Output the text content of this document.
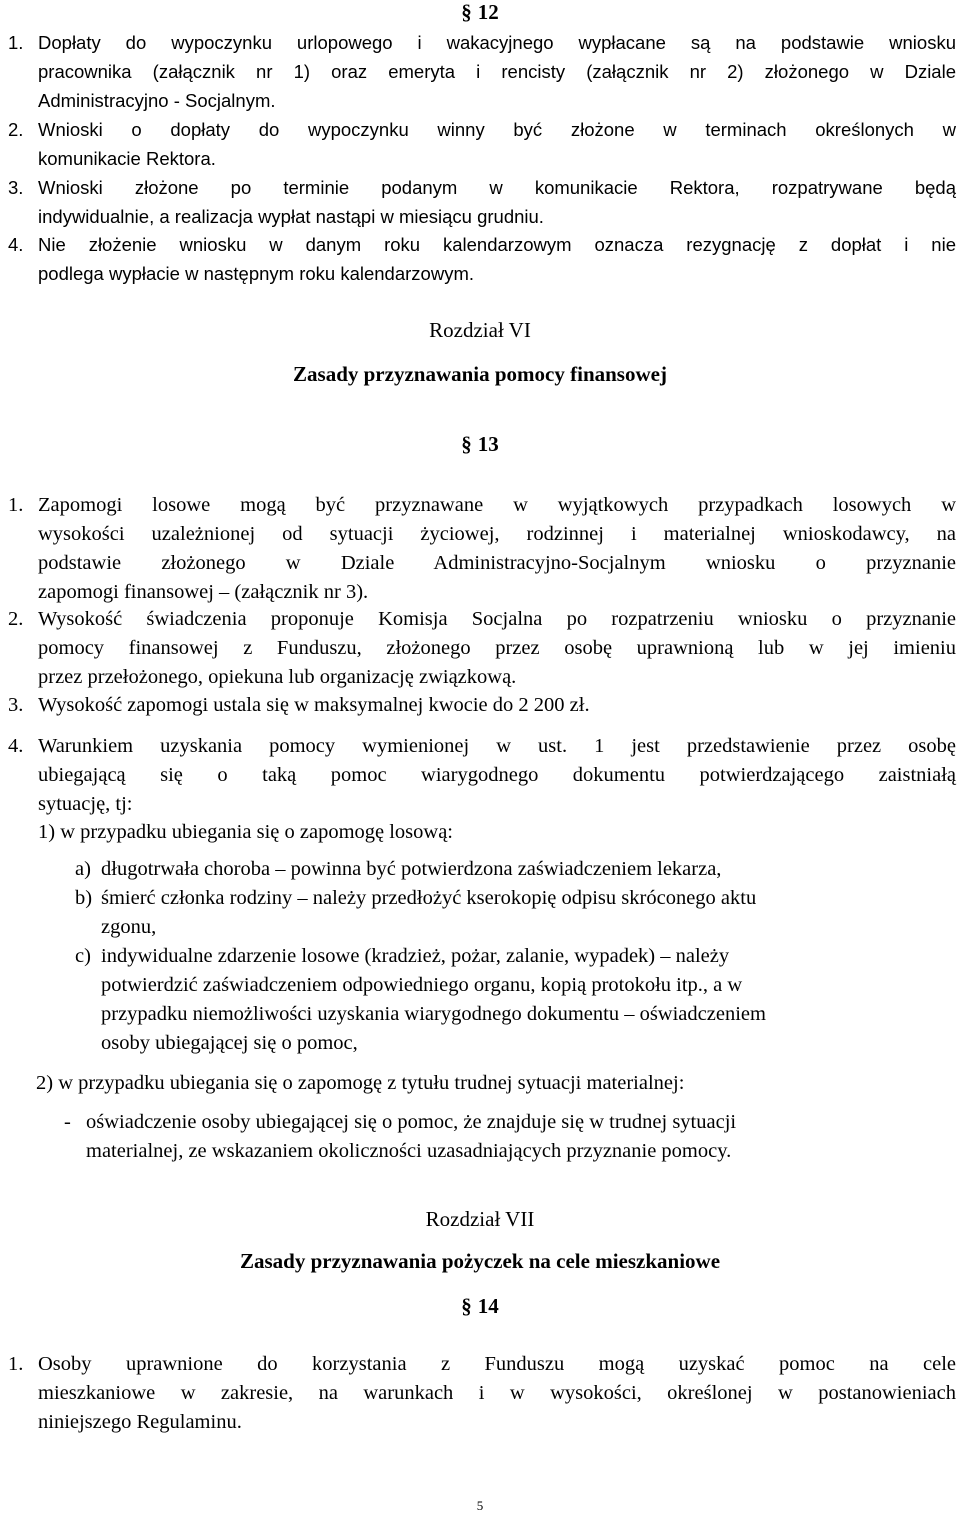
§ 12
1. Dopłaty do wypoczynku urlopowego i wakacyjnego wypłacane są na podstawie wniosku
pracownika (załącznik nr 1) oraz emeryta i rencisty (załącznik nr 2) złożonego w Dziale
Administracyjno - Socjalnym.
2. Wnioski o dopłaty do wypoczynku winny być złożone w terminach określonych w
komunikacie Rektora.
3. Wnioski złożone po terminie podanym w komunikacie Rektora, rozpatrywane będą
indywidualnie, a realizacja wypłat nastąpi w miesiącu grudniu.
4. Nie złożenie wniosku w danym roku kalendarzowym oznacza rezygnację z dopłat i nie
podlega wypłacie w następnym roku kalendarzowym.
Rozdział VI
Zasady przyznawania pomocy finansowej
§ 13
1. Zapomogi losowe mogą być przyznawane w wyjątkowych przypadkach losowych w
wysokości uzależnionej od sytuacji życiowej, rodzinnej i materialnej wnioskodawcy, na
podstawie złożonego w Dziale Administracyjno-Socjalnym wniosku o przyznanie
zapomogi finansowej – (załącznik nr 3).
2. Wysokość świadczenia proponuje Komisja Socjalna po rozpatrzeniu wniosku o przyznanie
pomocy finansowej z Funduszu, złożonego przez osobę uprawnioną lub w jej imieniu
przez przełożonego, opiekuna lub organizację związkową.
3. Wysokość zapomogi ustala się w maksymalnej kwocie do 2 200 zł.
4. Warunkiem uzyskania pomocy wymienionej w ust. 1 jest przedstawienie przez osobę
ubiegającą się o taką pomoc wiarygodnego dokumentu potwierdzającego zaistniałą
sytuację, tj:
1) w przypadku ubiegania się o zapomogę losową:
a) długotrwała choroba – powinna być potwierdzona zaświadczeniem lekarza,
b) śmierć członka rodziny – należy przedłożyć kserokopię odpisu skróconego aktu
zgonu,
c) indywidualne zdarzenie losowe (kradzież, pożar, zalanie, wypadek) – należy
potwierdzić zaświadczeniem odpowiedniego organu, kopią protokołu itp., a w
przypadku niemożliwości uzyskania wiarygodnego dokumentu – oświadczeniem
osoby ubiegającej się o pomoc,
2) w przypadku ubiegania się o zapomogę z tytułu trudnej sytuacji materialnej:
- oświadczenie osoby ubiegającej się o pomoc, że znajduje się w trudnej sytuacji
materialnej, ze wskazaniem okoliczności uzasadniających przyznanie pomocy.
Rozdział VII
Zasady przyznawania pożyczek na cele mieszkaniowe
§ 14
1. Osoby uprawnione do korzystania z Funduszu mogą uzyskać pomoc na cele
mieszkaniowe w zakresie, na warunkach i w wysokości, określonej w postanowieniach
niniejszego Regulaminu.
5
